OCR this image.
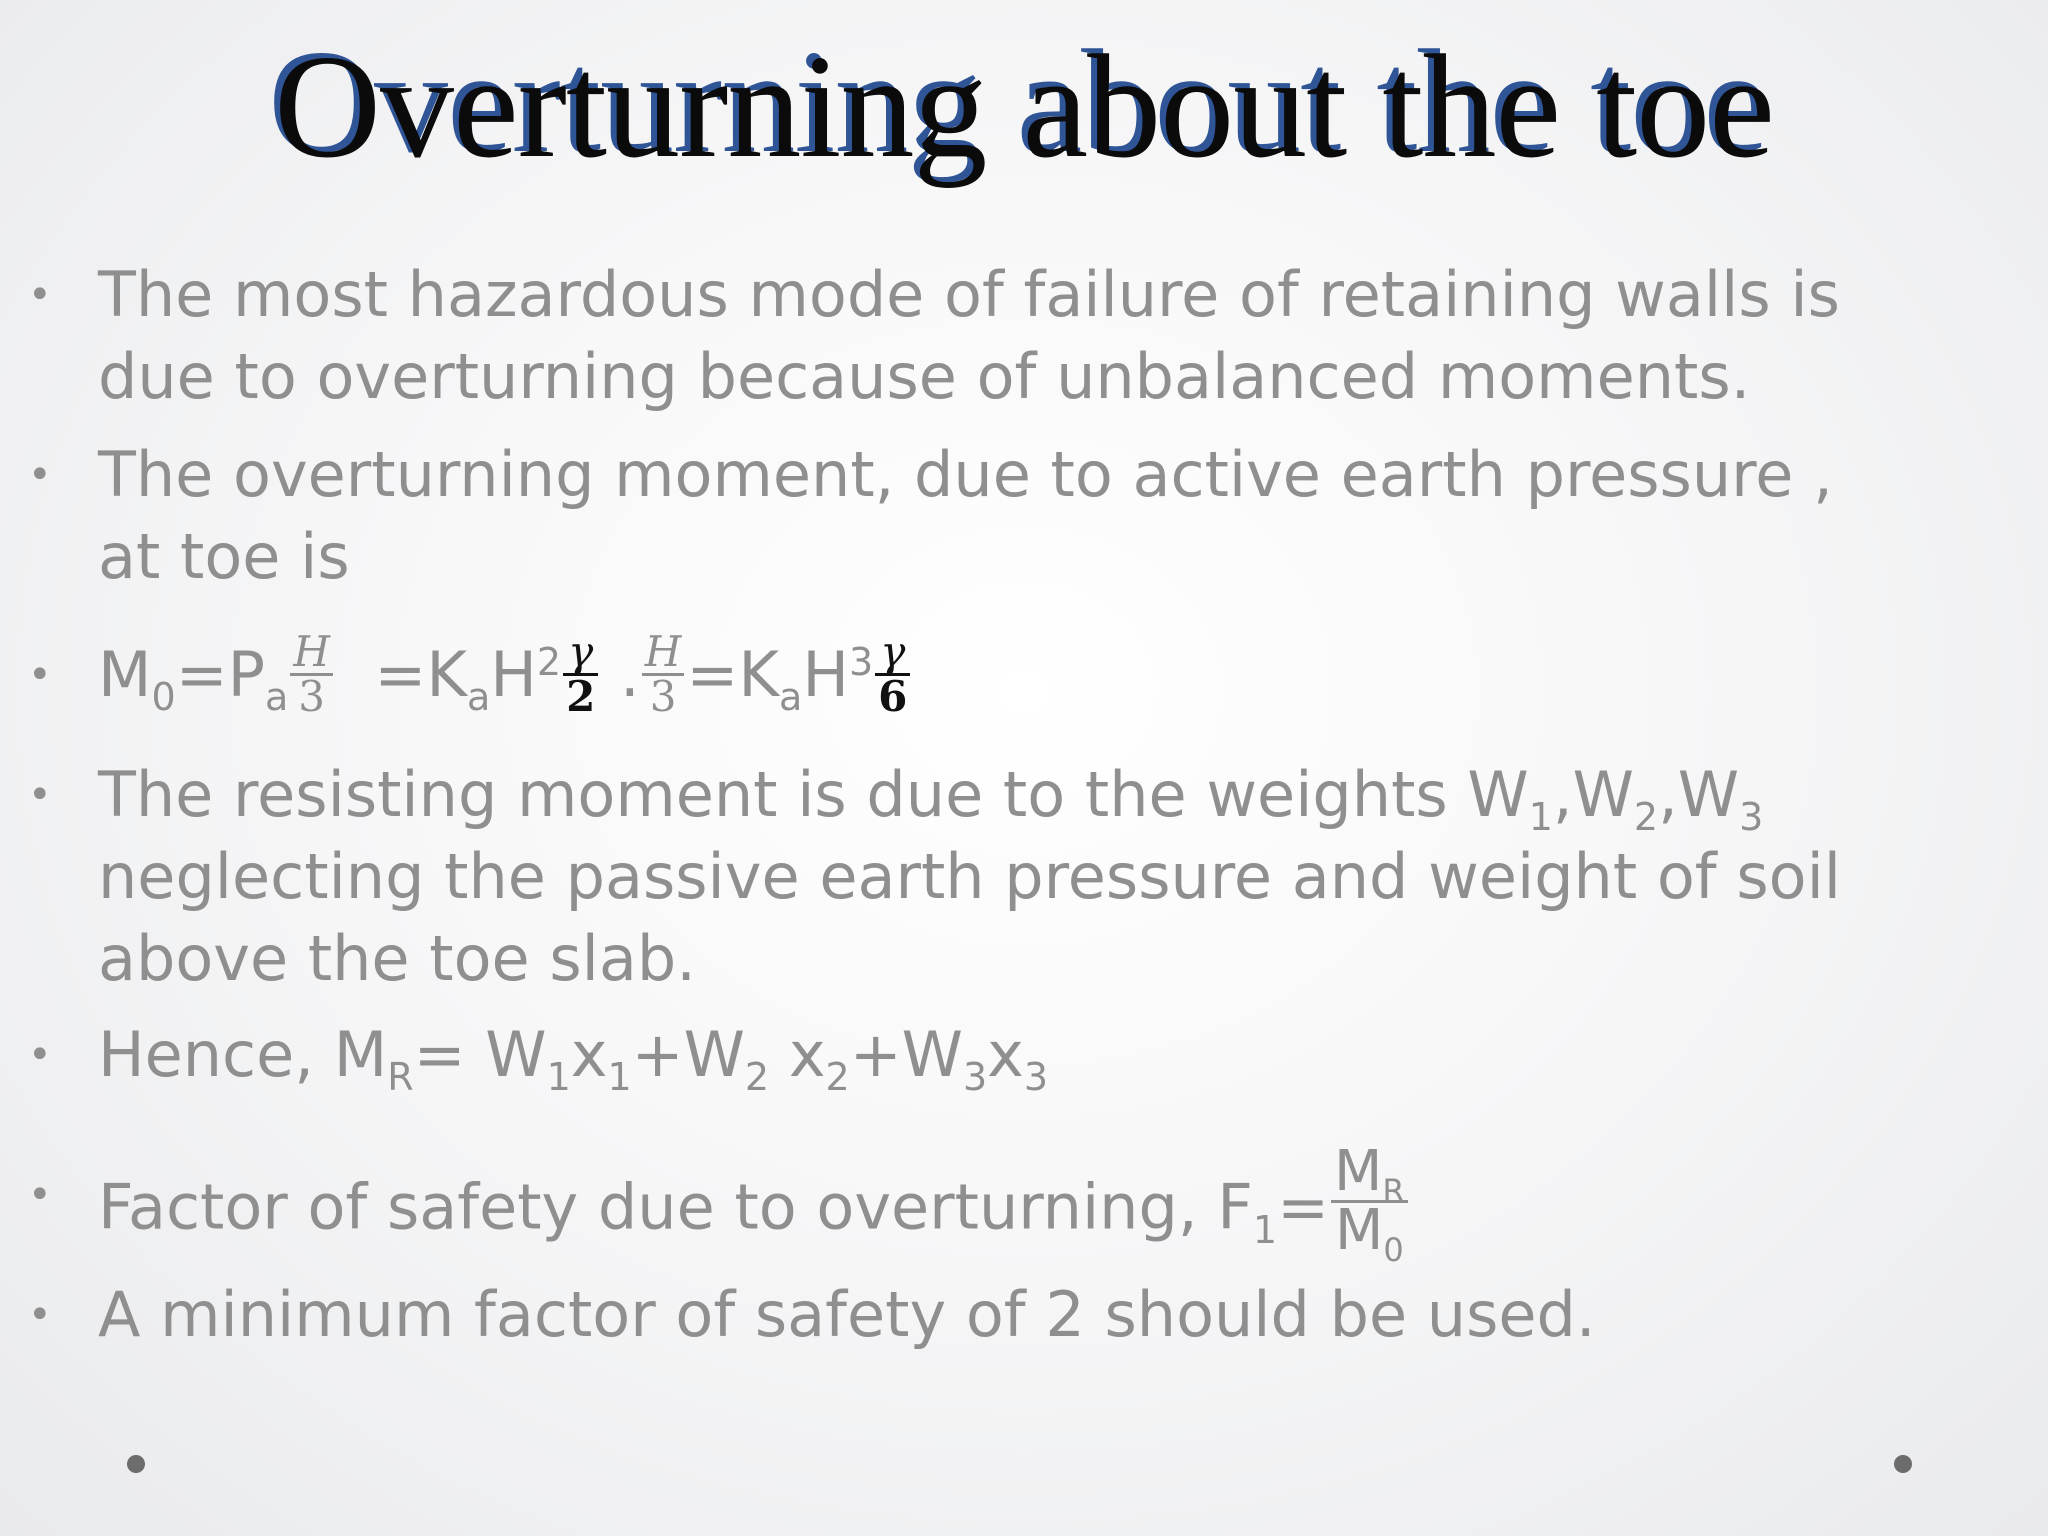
Overturning about the toe
• The most hazardous mode of failure of retaining walls is
due to overturning because of unbalanced moments.
• The overturning moment, due to active earth pressure ,
at toe is
• $M_0=P_a \frac{H}{3} =K_aH^2 \frac{\gamma}{2}$ . $\frac{H}{3} =K_aH^3 \frac{\gamma}{6}$
• The resisting moment is due to the weights $W_1,W_2,W_3$
neglecting the passive earth pressure and weight of soil
above the toe slab.
• Hence, $M_R= W_1x_1+W_2$ $x_2+W_3x_3$
• Factor of safety due to overturning, $F_1= \frac{M_R}{M_0}$
• A minimum factor of safety of 2 should be used.
